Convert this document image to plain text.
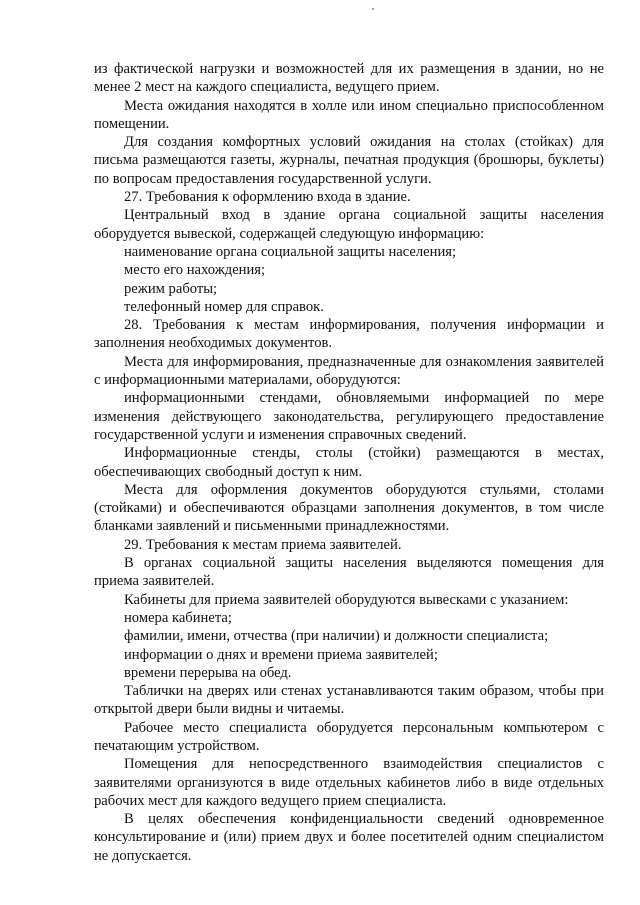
из фактической нагрузки и возможностей для их размещения в здании, но не менее 2 мест на каждого специалиста, ведущего прием.

Места ожидания находятся в холле или ином специально приспособленном помещении.

Для создания комфортных условий ожидания на столах (стойках) для письма размещаются газеты, журналы, печатная продукция (брошюры, буклеты) по вопросам предоставления государственной услуги.

27. Требования к оформлению входа в здание.

Центральный вход в здание органа социальной защиты населения оборудуется вывеской, содержащей следующую информацию:

наименование органа социальной защиты населения;

место его нахождения;

режим работы;

телефонный номер для справок.

28. Требования к местам информирования, получения информации и заполнения необходимых документов.

Места для информирования, предназначенные для ознакомления заявителей с информационными материалами, оборудуются:

информационными стендами, обновляемыми информацией по мере изменения действующего законодательства, регулирующего предоставление государственной услуги и изменения справочных сведений.

Информационные стенды, столы (стойки) размещаются в местах, обеспечивающих свободный доступ к ним.

Места для оформления документов оборудуются стульями, столами (стойками) и обеспечиваются образцами заполнения документов, в том числе бланками заявлений и письменными принадлежностями.

29. Требования к местам приема заявителей.

В органах социальной защиты населения выделяются помещения для приема заявителей.

Кабинеты для приема заявителей оборудуются вывесками с указанием:

номера кабинета;

фамилии, имени, отчества (при наличии) и должности специалиста;

информации о днях и времени приема заявителей;

времени перерыва на обед.

Таблички на дверях или стенах устанавливаются таким образом, чтобы при открытой двери были видны и читаемы.

Рабочее место специалиста оборудуется персональным компьютером с печатающим устройством.

Помещения для непосредственного взаимодействия специалистов с заявителями организуются в виде отдельных кабинетов либо в виде отдельных рабочих мест для каждого ведущего прием специалиста.

В целях обеспечения конфиденциальности сведений одновременное консультирование и (или) прием двух и более посетителей одним специалистом не допускается.
